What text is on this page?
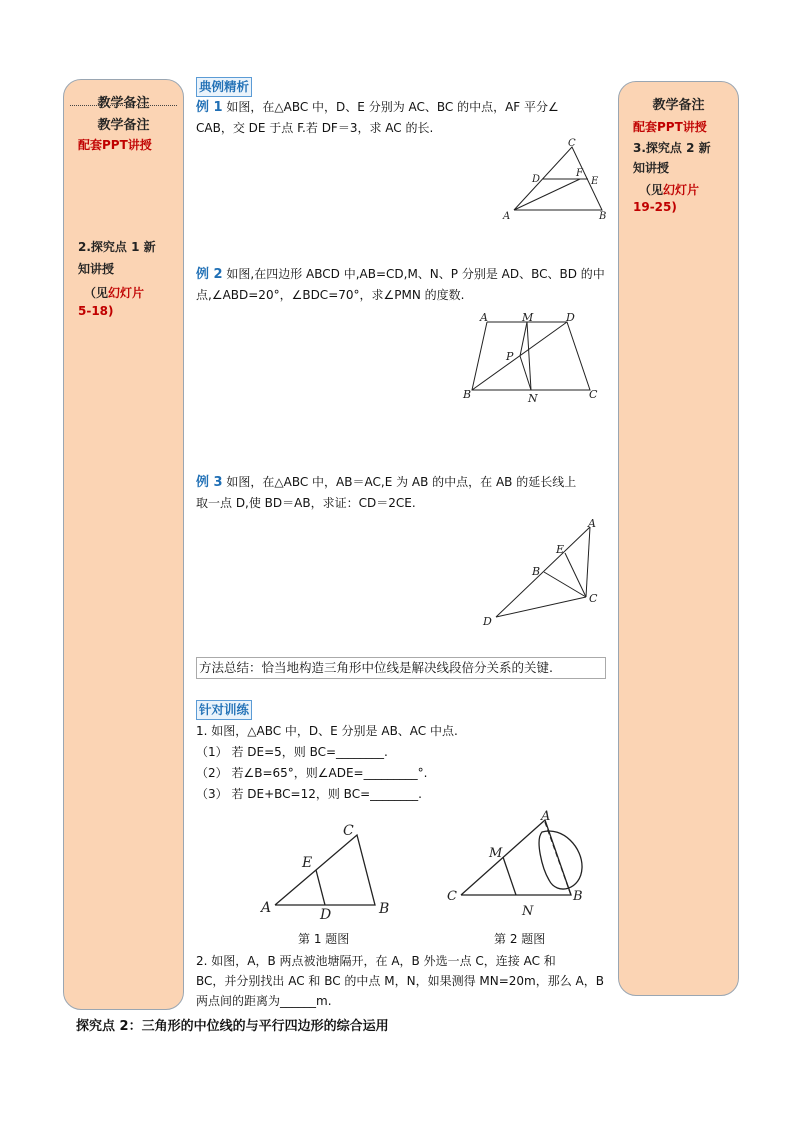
教学备注
教学备注
配套PPT讲授
2.探究点 1 新
知讲授
（见幻灯片
5-18)
教学备注
配套PPT讲授
3.探究点 2 新
知讲授
（见幻灯片
19-25)
典例精析
例 1 如图，在△ABC 中，D、E 分别为 AC、BC 的中点，AF 平分∠
CAB，交 DE 于点 F.若 DF＝3，求 AC 的长.
A	B
C
D	E
F
例 2 如图,在四边形 ABCD 中,AB=CD,M、N、P 分别是 AD、BC、BD 的中
点,∠ABD=20°，∠BDC=70°，求∠PMN 的度数.
A	M	D
P
B	N	C
例 3 如图，在△ABC 中，AB＝AC,E 为 AB 的中点，在 AB 的延长线上
取一点 D,使 BD＝AB，求证：CD＝2CE.
A
E
B
C
D
方法总结：恰当地构造三角形中位线是解决线段倍分关系的关键.
针对训练
1. 如图，△ABC 中，D、E 分别是 AB、AC 中点.
（1） 若 DE=5，则 BC=________.
（2） 若∠B=65°，则∠ADE=_________°.
（3） 若 DE+BC=12，则 BC=________.
A	B
C
E
D
第 1 题图
C
A
B
M
N
第 2 题图
2. 如图，A，B 两点被池塘隔开，在 A，B 外选一点 C，连接 AC 和
BC，并分别找出 AC 和 BC 的中点 M，N，如果测得 MN=20m，那么 A，B
两点间的距离为______m.
探究点 2：三角形的中位线的与平行四边形的综合运用
